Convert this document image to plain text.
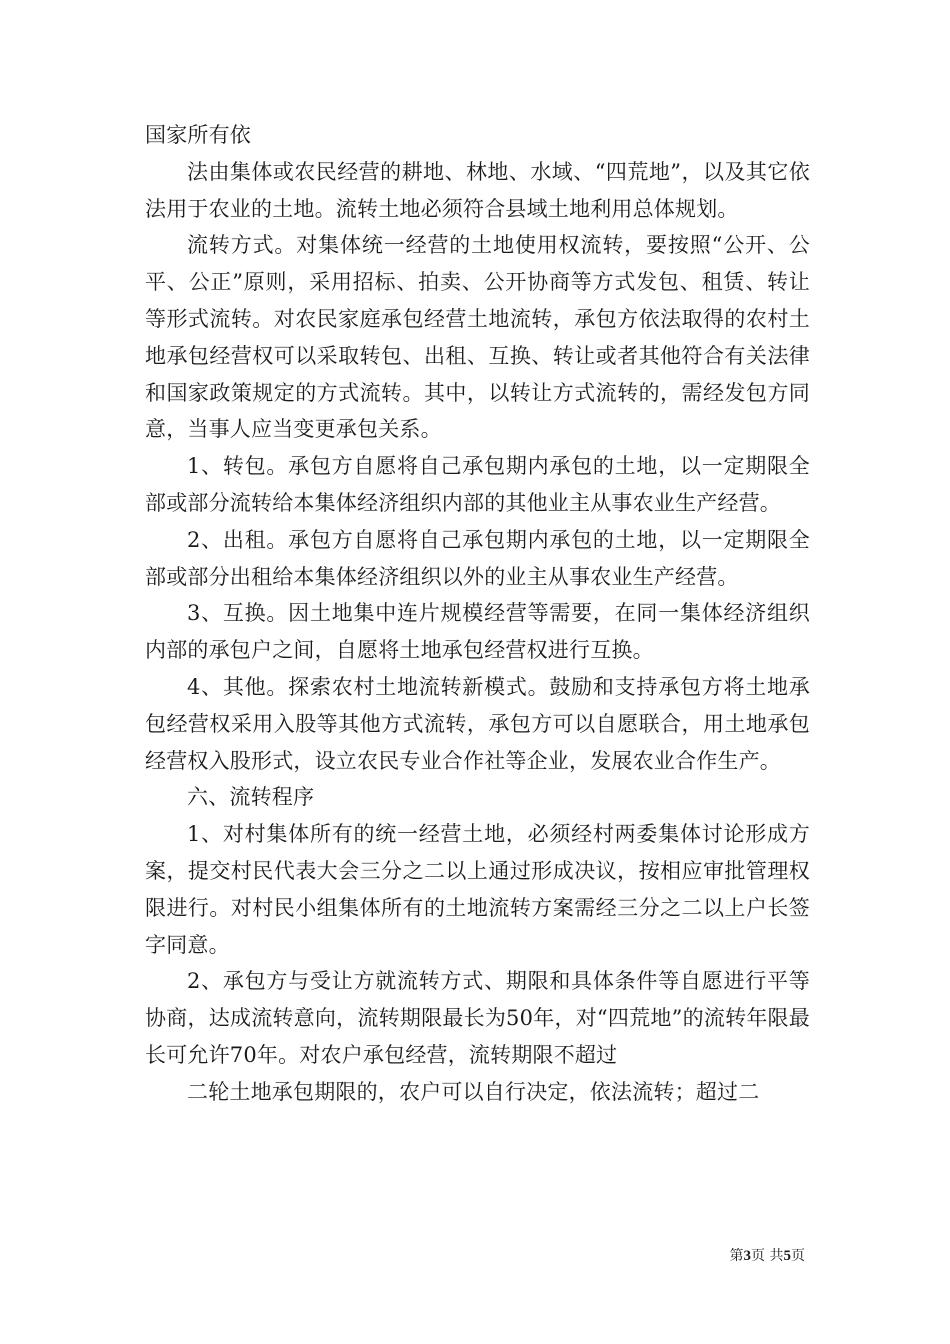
国家所有依

法由集体或农民经营的耕地、林地、水域、“四荒地”，以及其它依法用于农业的土地。流转土地必须符合县域土地利用总体规划。

流转方式。对集体统一经营的土地使用权流转，要按照“公开、公平、公正”原则，采用招标、拍卖、公开协商等方式发包、租赁、转让等形式流转。对农民家庭承包经营土地流转，承包方依法取得的农村土地承包经营权可以采取转包、出租、互换、转让或者其他符合有关法律和国家政策规定的方式流转。其中，以转让方式流转的，需经发包方同意，当事人应当变更承包关系。

1、转包。承包方自愿将自己承包期内承包的土地，以一定期限全部或部分流转给本集体经济组织内部的其他业主从事农业生产经营。

2、出租。承包方自愿将自己承包期内承包的土地，以一定期限全部或部分出租给本集体经济组织以外的业主从事农业生产经营。

3、互换。因土地集中连片规模经营等需要，在同一集体经济组织内部的承包户之间，自愿将土地承包经营权进行互换。

4、其他。探索农村土地流转新模式。鼓励和支持承包方将土地承包经营权采用入股等其他方式流转，承包方可以自愿联合，用土地承包经营权入股形式，设立农民专业合作社等企业，发展农业合作生产。

六、流转程序

1、对村集体所有的统一经营土地，必须经村两委集体讨论形成方案，提交村民代表大会三分之二以上通过形成决议，按相应审批管理权限进行。对村民小组集体所有的土地流转方案需经三分之二以上户长签字同意。

2、承包方与受让方就流转方式、期限和具体条件等自愿进行平等协商，达成流转意向，流转期限最长为50年，对“四荒地”的流转年限最长可允许70年。对农户承包经营，流转期限不超过

二轮土地承包期限的，农户可以自行决定，依法流转；超过二

第3页 共5页
